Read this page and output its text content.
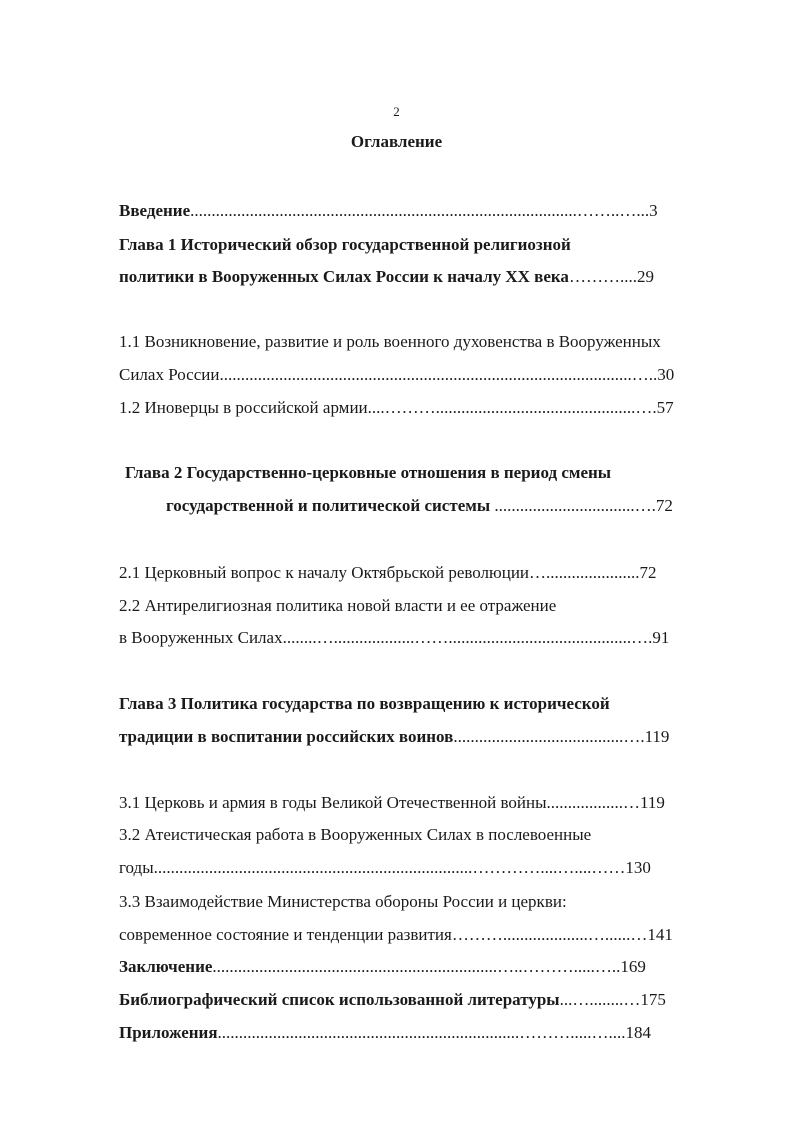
2
Оглавление
Введение...........................................................................................……..…...3
Глава 1 Исторический обзор государственной религиозной
политики в Вооруженных Силах России к началу XX века………....29
1.1 Возникновение, развитие и роль военного духовенства в Вооруженных
Силах России.................................................................................................…..30
1.2 Иноверцы в российской армии....………...............................................….57
Глава 2 Государственно-церковные отношения в период смены
государственной и политической системы .................................….72
2.1 Церковный вопрос к началу Октябрьской революции…......................72
2.2 Антирелигиозная политика новой власти и ее отражение
в Вооруженных Силах........…...................……...........................................….91
Глава 3 Политика государства по возвращению к исторической
традиции в воспитании российских воинов........................................….119
3.1 Церковь и армия в годы Великой Отечественной войны..................…119
3.2 Атеистическая работа в Вооруженных Силах в послевоенные
годы...........................................................................…………....…....……130
3.3 Взаимодействие Министерства обороны России и церкви:
современное состояние и тенденции развития………....................…......…141
Заключение...................................................................…..……….....…..169
Библиографический список использованной литературы...…........…175
Приложения.......................................................................……….....…....184
